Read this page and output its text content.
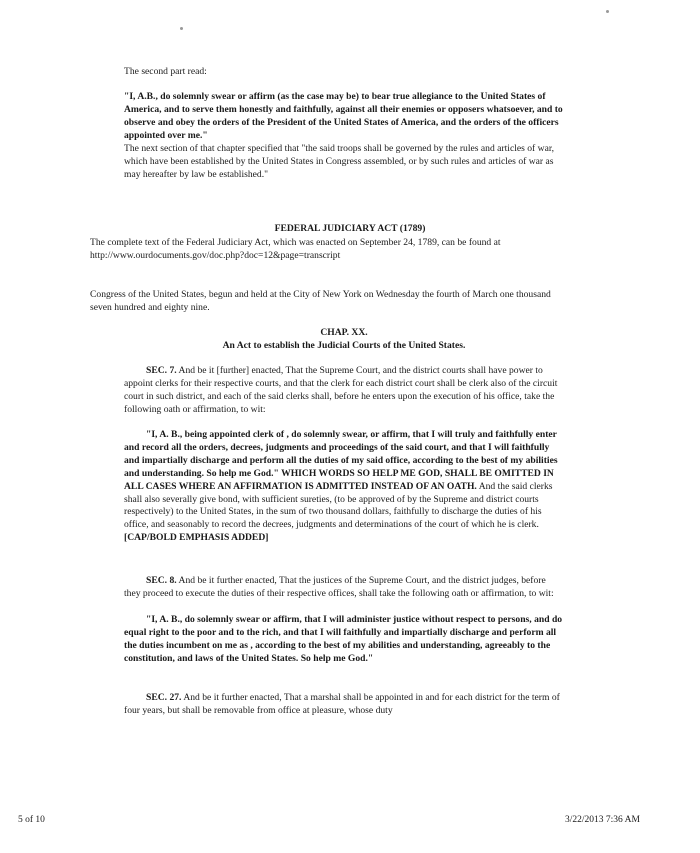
The second part read:

"I, A.B., do solemnly swear or affirm (as the case may be) to bear true allegiance to the United States of America, and to serve them honestly and faithfully, against all their enemies or opposers whatsoever, and to observe and obey the orders of the President of the United States of America, and the orders of the officers appointed over me."

The next section of that chapter specified that "the said troops shall be governed by the rules and articles of war, which have been established by the United States in Congress assembled, or by such rules and articles of war as may hereafter by law be established."

FEDERAL JUDICIARY ACT (1789)

The complete text of the Federal Judiciary Act, which was enacted on September 24, 1789, can be found at

http://www.ourdocuments.gov/doc.php?doc=12&page=transcript

Congress of the United States, begun and held at the City of New York on Wednesday the fourth of March one thousand seven hundred and eighty nine.

CHAP. XX.

An Act to establish the Judicial Courts of the United States.

SEC. 7. And be it [further] enacted, That the Supreme Court, and the district courts shall have power to appoint clerks for their respective courts, and that the clerk for each district court shall be clerk also of the circuit court in such district, and each of the said clerks shall, before he enters upon the execution of his office, take the following oath or affirmation, to wit:

"I, A. B., being appointed clerk of , do solemnly swear, or affirm, that I will truly and faithfully enter and record all the orders, decrees, judgments and proceedings of the said court, and that I will faithfully and impartially discharge and perform all the duties of my said office, according to the best of my abilities and understanding. So help me God." WHICH WORDS SO HELP ME GOD, SHALL BE OMITTED IN ALL CASES WHERE AN AFFIRMATION IS ADMITTED INSTEAD OF AN OATH. And the said clerks shall also severally give bond, with sufficient sureties, (to be approved of by the Supreme and district courts respectively) to the United States, in the sum of two thousand dollars, faithfully to discharge the duties of his office, and seasonably to record the decrees, judgments and determinations of the court of which he is clerk. [CAP/BOLD EMPHASIS ADDED]

SEC. 8. And be it further enacted, That the justices of the Supreme Court, and the district judges, before they proceed to execute the duties of their respective offices, shall take the following oath or affirmation, to wit:

"I, A. B., do solemnly swear or affirm, that I will administer justice without respect to persons, and do equal right to the poor and to the rich, and that I will faithfully and impartially discharge and perform all the duties incumbent on me as , according to the best of my abilities and understanding, agreeably to the constitution, and laws of the United States. So help me God."

SEC. 27. And be it further enacted, That a marshal shall be appointed in and for each district for the term of four years, but shall be removable from office at pleasure, whose duty

5 of 10	3/22/2013 7:36 AM
